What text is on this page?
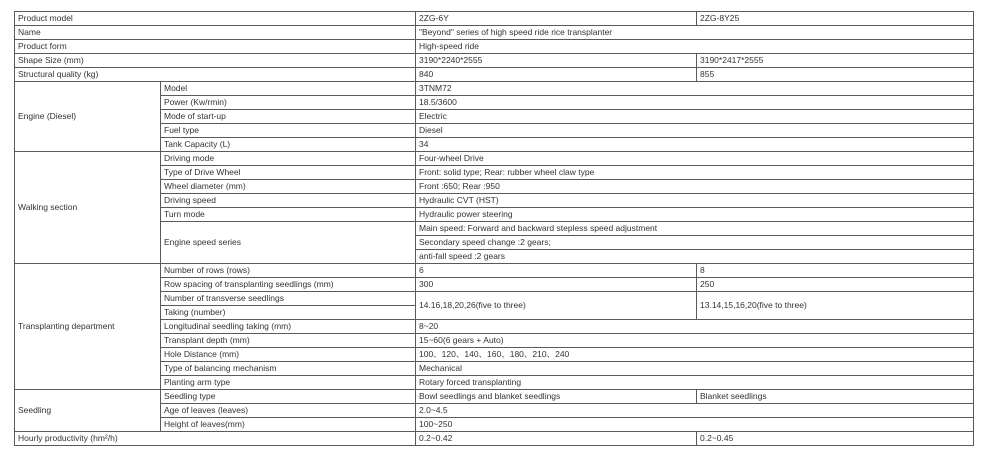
Product model		2ZG-6Y	2ZG-8Y25
Name		"Beyond" series of high speed ride rice transplanter	
Product form		High-speed ride	
Shape Size (mm)		3190*2240*2555	3190*2417*2555
Structural quality (kg)		840	855
Engine (Diesel)	Model	3TNM72	
	Power (Kw/rmin)	18.5/3600	
	Mode of start-up	Electric	
	Fuel type	Diesel	
	Tank Capacity (L)	34	
Walking section	Driving mode	Four-wheel Drive	
	Type of Drive Wheel	Front: solid type; Rear: rubber wheel claw type	
	Wheel diameter (mm)	Front :650; Rear :950	
	Driving speed	Hydraulic CVT (HST)	
	Turn mode	Hydraulic power steering	
	Engine speed series	Main speed: Forward and backward stepless speed adjustment	
		Secondary speed change :2 gears;	
		anti-fall speed :2 gears	
Transplanting department	Number of rows (rows)	6	8
	Row spacing of transplanting seedlings (mm)	300	250
	Number of transverse seedlings	14.16,18,20,26(five to three)	13.14,15,16,20(five to three)
	Taking (number)		
	Longitudinal seedling taking (mm)	8~20	
	Transplant depth (mm)	15~60(6 gears + Auto)	
	Hole Distance (mm)	100、120、140、160、180、210、240	
	Type of balancing mechanism	Mechanical	
	Planting arm type	Rotary forced transplanting	
Seedling	Seedling type	Bowl seedlings and blanket seedlings	Blanket seedlings
	Age of leaves (leaves)	2.0~4.5	
	Height of leaves(mm)	100~250	
Hourly productivity (hm²/h)		0.2~0.42	0.2~0.45
